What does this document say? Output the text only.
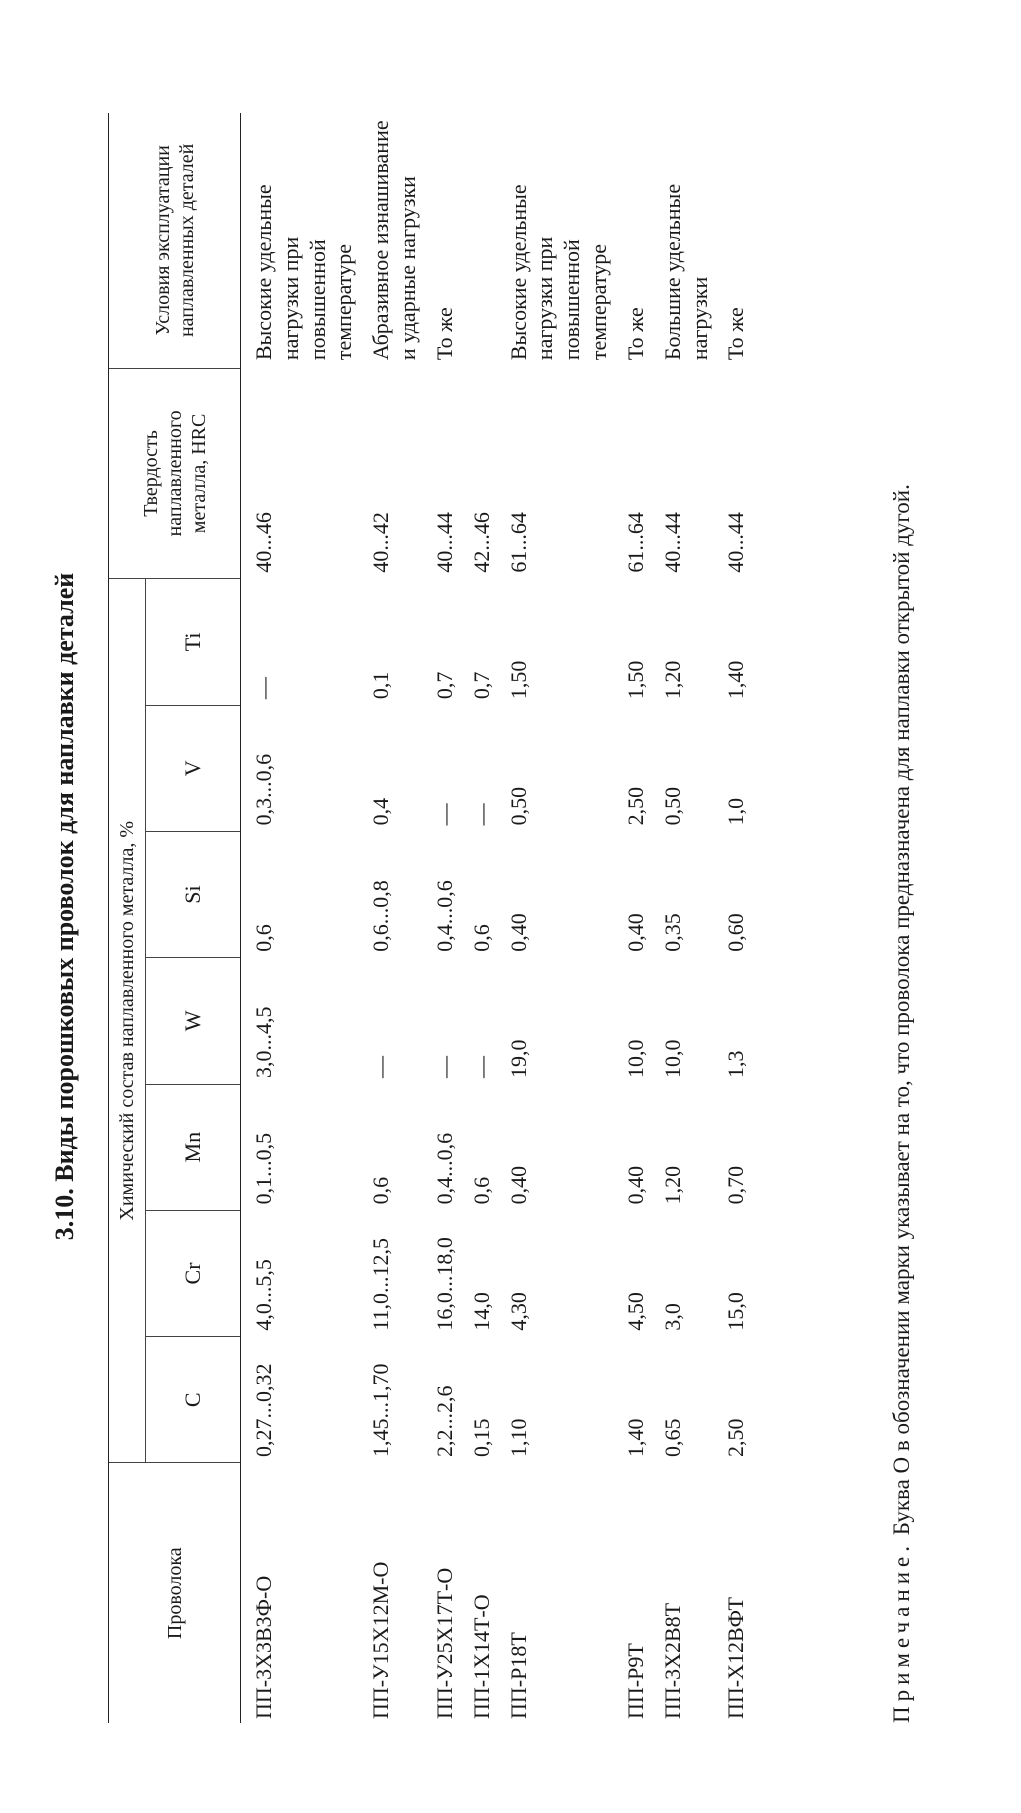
3.10. Виды порошковых проволок для наплавки деталей
Проволока	Химический состав наплавленного металла, %							Твердость наплавленного металла, HRC	Условия эксплуатации наплавленных деталей
	C	Cr	Mn	W	Si	V	Ti		
ПП-3Х3В3Ф-О	0,27...0,32	4,0...5,5	0,1...0,5	3,0...4,5	0,6	0,3...0,6	—	40...46	Высокие удельные нагрузки при повышенной температуре
ПП-У15Х12М-О	1,45...1,70	11,0...12,5	0,6	—	0,6...0,8	0,4	0,1	40...42	Абразивное изнашивание и ударные нагрузки
ПП-У25Х17Т-О	2,2...2,6	16,0...18,0	0,4...0,6	—	0,4...0,6	—	0,7	40...44	То же
ПП-1Х14Т-О	0,15	14,0	0,6	—	0,6	—	0,7	42...46	
ПП-Р18Т	1,10	4,30	0,40	19,0	0,40	0,50	1,50	61...64	Высокие удельные нагрузки при повышенной температуре
ПП-Р9Т	1,40	4,50	0,40	10,0	0,40	2,50	1,50	61...64	То же
ПП-3Х2В8Т	0,65	3,0	1,20	10,0	0,35	0,50	1,20	40...44	Большие удельные нагрузки
ПП-Х12ВФТ	2,50	15,0	0,70	1,3	0,60	1,0	1,40	40...44	То же
Примечание. Буква О в обозначении марки указывает на то, что проволока предназначена для наплавки открытой дугой.
